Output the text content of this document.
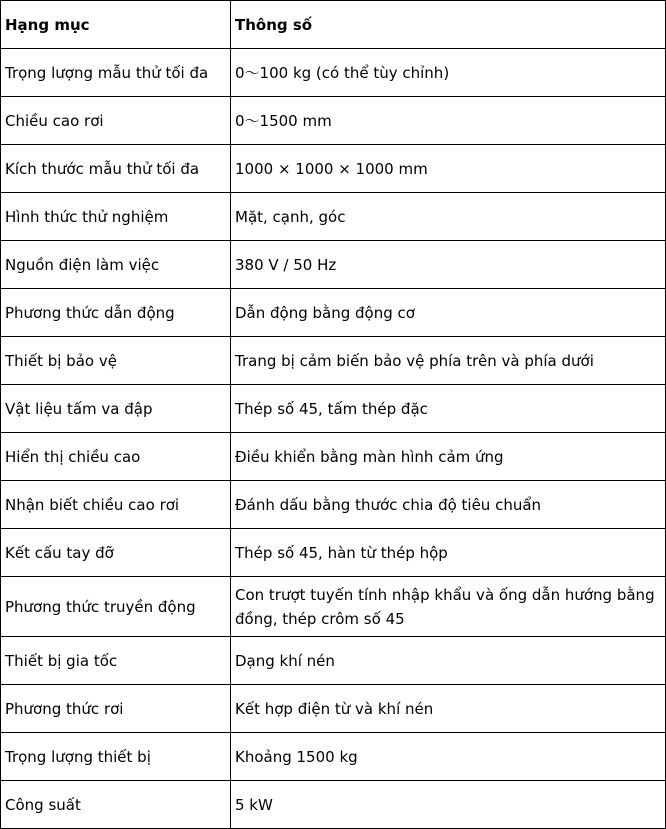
Hạng mục	Thông số
Trọng lượng mẫu thử tối đa	0～100 kg (có thể tùy chỉnh)
Chiều cao rơi	0～1500 mm
Kích thước mẫu thử tối đa	1000 × 1000 × 1000 mm
Hình thức thử nghiệm	Mặt, cạnh, góc
Nguồn điện làm việc	380 V / 50 Hz
Phương thức dẫn động	Dẫn động bằng động cơ
Thiết bị bảo vệ	Trang bị cảm biến bảo vệ phía trên và phía dưới
Vật liệu tấm va đập	Thép số 45, tấm thép đặc
Hiển thị chiều cao	Điều khiển bằng màn hình cảm ứng
Nhận biết chiều cao rơi	Đánh dấu bằng thước chia độ tiêu chuẩn
Kết cấu tay đỡ	Thép số 45, hàn từ thép hộp
Phương thức truyền động	Con trượt tuyến tính nhập khẩu và ống dẫn hướng bằng đồng, thép crôm số 45
Thiết bị gia tốc	Dạng khí nén
Phương thức rơi	Kết hợp điện từ và khí nén
Trọng lượng thiết bị	Khoảng 1500 kg
Công suất	5 kW
